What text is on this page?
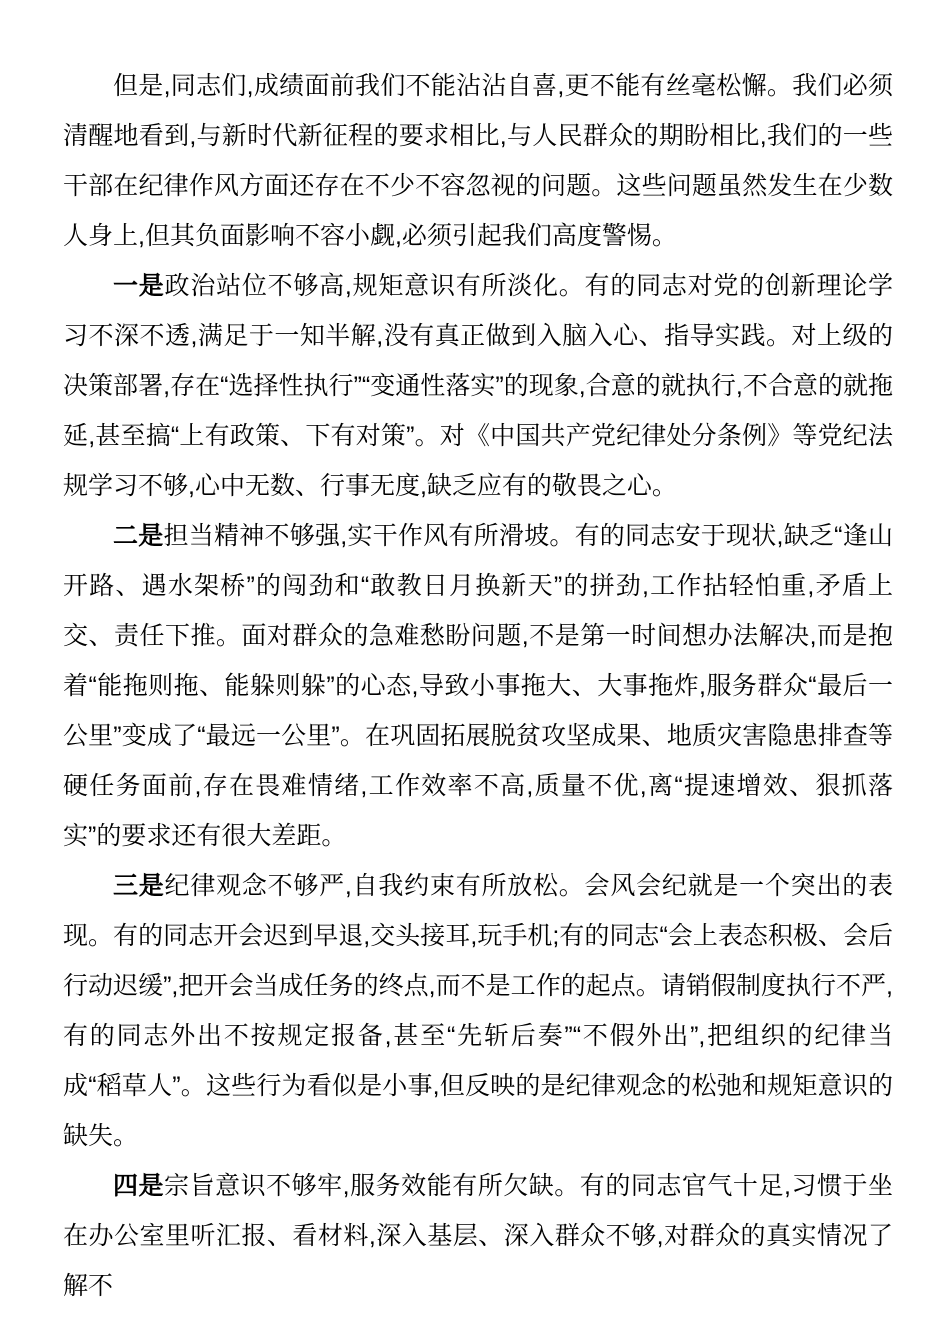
但是,同志们,成绩面前我们不能沾沾自喜,更不能有丝毫松懈。我们必须清醒地看到,与新时代新征程的要求相比,与人民群众的期盼相比,我们的一些干部在纪律作风方面还存在不少不容忽视的问题。这些问题虽然发生在少数人身上,但其负面影响不容小觑,必须引起我们高度警惕。

一是政治站位不够高,规矩意识有所淡化。有的同志对党的创新理论学习不深不透,满足于一知半解,没有真正做到入脑入心、指导实践。对上级的决策部署,存在“选择性执行”“变通性落实”的现象,合意的就执行,不合意的就拖延,甚至搞“上有政策、下有对策”。对《中国共产党纪律处分条例》等党纪法规学习不够,心中无数、行事无度,缺乏应有的敬畏之心。

二是担当精神不够强,实干作风有所滑坡。有的同志安于现状,缺乏“逢山开路、遇水架桥”的闯劲和“敢教日月换新天”的拼劲,工作拈轻怕重,矛盾上交、责任下推。面对群众的急难愁盼问题,不是第一时间想办法解决,而是抱着“能拖则拖、能躲则躲”的心态,导致小事拖大、大事拖炸,服务群众“最后一公里”变成了“最远一公里”。在巩固拓展脱贫攻坚成果、地质灾害隐患排查等硬任务面前,存在畏难情绪,工作效率不高,质量不优,离“提速增效、狠抓落实”的要求还有很大差距。

三是纪律观念不够严,自我约束有所放松。会风会纪就是一个突出的表现。有的同志开会迟到早退,交头接耳,玩手机;有的同志“会上表态积极、会后行动迟缓”,把开会当成任务的终点,而不是工作的起点。请销假制度执行不严,有的同志外出不按规定报备,甚至“先斩后奏”“不假外出”,把组织的纪律当成“稻草人”。这些行为看似是小事,但反映的是纪律观念的松弛和规矩意识的缺失。

四是宗旨意识不够牢,服务效能有所欠缺。有的同志官气十足,习惯于坐在办公室里听汇报、看材料,深入基层、深入群众不够,对群众的真实情况了解不
